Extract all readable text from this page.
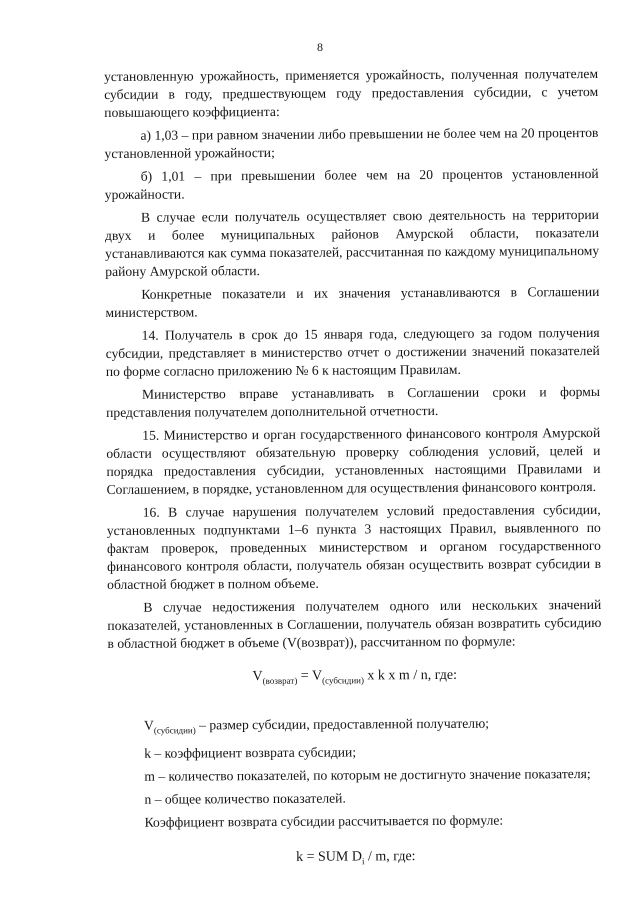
8

установленную урожайность, применяется урожайность, полученная получателем субсидии в году, предшествующем году предоставления субсидии, с учетом повышающего коэффициента:

а) 1,03 – при равном значении либо превышении не более чем на 20 процентов установленной урожайности;

б) 1,01 – при превышении более чем на 20 процентов установленной урожайности.

В случае если получатель осуществляет свою деятельность на территории двух и более муниципальных районов Амурской области, показатели устанавливаются как сумма показателей, рассчитанная по каждому муниципальному району Амурской области.

Конкретные показатели и их значения устанавливаются в Соглашении министерством.

14. Получатель в срок до 15 января года, следующего за годом получения субсидии, представляет в министерство отчет о достижении значений показателей по форме согласно приложению № 6 к настоящим Правилам.

Министерство вправе устанавливать в Соглашении сроки и формы представления получателем дополнительной отчетности.

15. Министерство и орган государственного финансового контроля Амурской области осуществляют обязательную проверку соблюдения условий, целей и порядка предоставления субсидии, установленных настоящими Правилами и Соглашением, в порядке, установленном для осуществления финансового контроля.

16. В случае нарушения получателем условий предоставления субсидии, установленных подпунктами 1–6 пункта 3 настоящих Правил, выявленного по фактам проверок, проведенных министерством и органом государственного финансового контроля области, получатель обязан осуществить возврат субсидии в областной бюджет в полном объеме.

В случае недостижения получателем одного или нескольких значений показателей, установленных в Соглашении, получатель обязан возвратить субсидию в областной бюджет в объеме (V(возврат)), рассчитанном по формуле:

$V_{(возврат)} = V_{(субсидии)}$ x k x m / n, где:

$V_{(субсидии)}$ – размер субсидии, предоставленной получателю;

k – коэффициент возврата субсидии;

m – количество показателей, по которым не достигнуто значение показателя;

n – общее количество показателей.

Коэффициент возврата субсидии рассчитывается по формуле:

k = SUM $D_i$ / m, где:
